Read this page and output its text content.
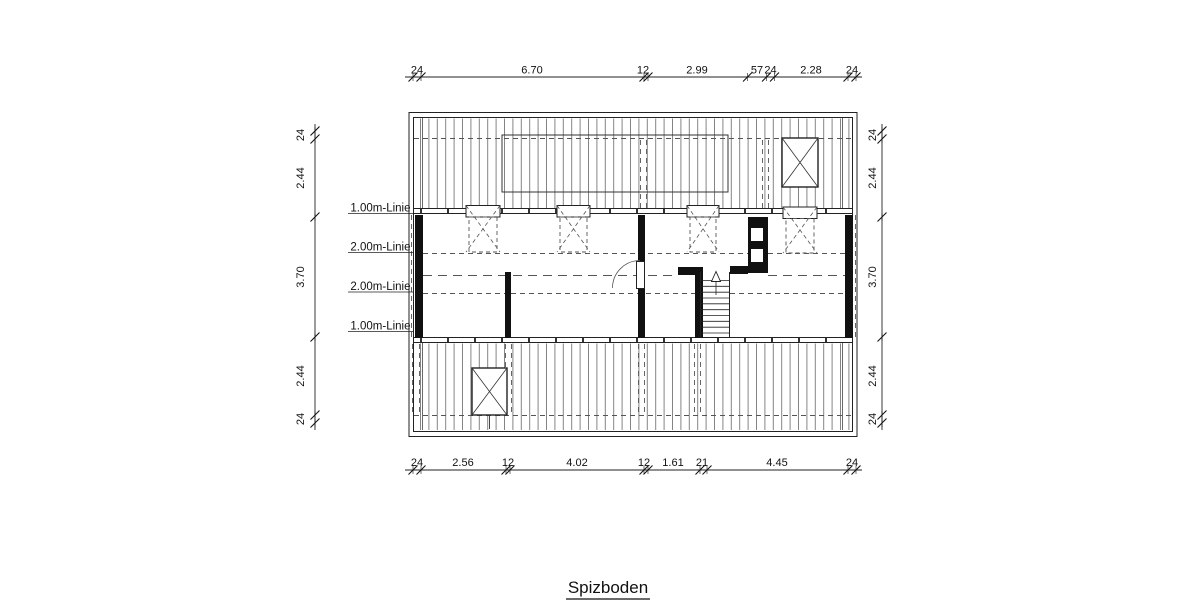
24	6.70	12	2.99	57 24 2.28 24
24	2.56	12	4.02	12 1.61 21	4.45	24
24
2.44
3.70
2.44
24
24
2.44
3.70
2.44
24
1.00m-Linie
2.00m-Linie
2.00m-Linie
1.00m-Linie
Spizboden
